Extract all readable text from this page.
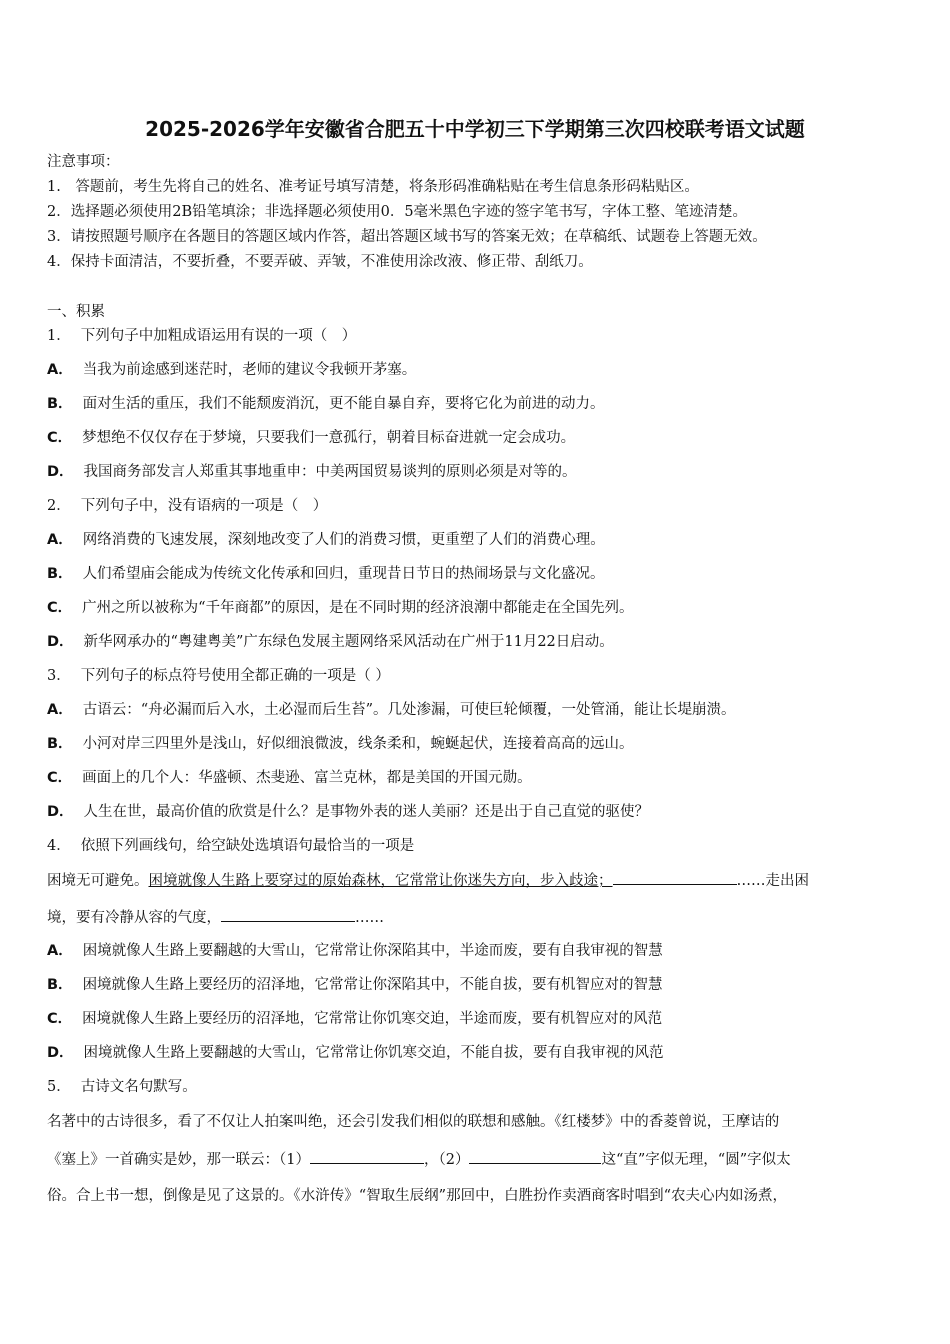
2025-2026学年安徽省合肥五十中学初三下学期第三次四校联考语文试题
注意事项：
1.　答题前，考生先将自己的姓名、准考证号填写清楚，将条形码准确粘贴在考生信息条形码粘贴区。
2．选择题必须使用2B铅笔填涂；非选择题必须使用0．5毫米黑色字迹的签字笔书写，字体工整、笔迹清楚。
3．请按照题号顺序在各题目的答题区域内作答，超出答题区域书写的答案无效；在草稿纸、试题卷上答题无效。
4．保持卡面清洁，不要折叠，不要弄破、弄皱，不准使用涂改液、修正带、刮纸刀。
一、积累
1． 下列句子中加粗成语运用有误的一项（　）
A． 当我为前途感到迷茫时，老师的建议令我顿开茅塞。
B． 面对生活的重压，我们不能颓废消沉，更不能自暴自弃，要将它化为前进的动力。
C． 梦想绝不仅仅存在于梦境，只要我们一意孤行，朝着目标奋进就一定会成功。
D． 我国商务部发言人郑重其事地重申：中美两国贸易谈判的原则必须是对等的。
2． 下列句子中，没有语病的一项是（　）
A． 网络消费的飞速发展，深刻地改变了人们的消费习惯，更重塑了人们的消费心理。
B． 人们希望庙会能成为传统文化传承和回归，重现昔日节日的热闹场景与文化盛况。
C． 广州之所以被称为“千年商都”的原因，是在不同时期的经济浪潮中都能走在全国先列。
D． 新华网承办的“粤建粤美”广东绿色发展主题网络采风活动在广州于11月22日启动。
3． 下列句子的标点符号使用全都正确的一项是（ ）
A． 古语云：“舟必漏而后入水，土必湿而后生苔”。几处渗漏，可使巨轮倾覆，一处管涌，能让长堤崩溃。
B． 小河对岸三四里外是浅山，好似细浪微波，线条柔和，蜿蜒起伏，连接着高高的远山。
C． 画面上的几个人：华盛顿、杰斐逊、富兰克林，都是美国的开国元勋。
D． 人生在世，最高价值的欣赏是什么？是事物外表的迷人美丽？还是出于自己直觉的驱使？
4． 依照下列画线句，给空缺处选填语句最恰当的一项是
困境无可避免。困境就像人生路上要穿过的原始森林，它常常让你迷失方向，步入歧途；	……走出困
境，要有冷静从容的气度，	……
A． 困境就像人生路上要翻越的大雪山，它常常让你深陷其中，半途而废，要有自我审视的智慧
B． 困境就像人生路上要经历的沼泽地，它常常让你深陷其中，不能自拔，要有机智应对的智慧
C． 困境就像人生路上要经历的沼泽地，它常常让你饥寒交迫，半途而废，要有机智应对的风范
D． 困境就像人生路上要翻越的大雪山，它常常让你饥寒交迫，不能自拔，要有自我审视的风范
5． 古诗文名句默写。
名著中的古诗很多，看了不仅让人拍案叫绝，还会引发我们相似的联想和感触。《红楼梦》中的香菱曾说，王摩诘的
《塞上》一首确实是妙，那一联云：（1）	，（2）	这“直”字似无理，“圆”字似太
俗。合上书一想，倒像是见了这景的。《水浒传》“智取生辰纲”那回中，白胜扮作卖酒商客时唱到“农夫心内如汤煮，
